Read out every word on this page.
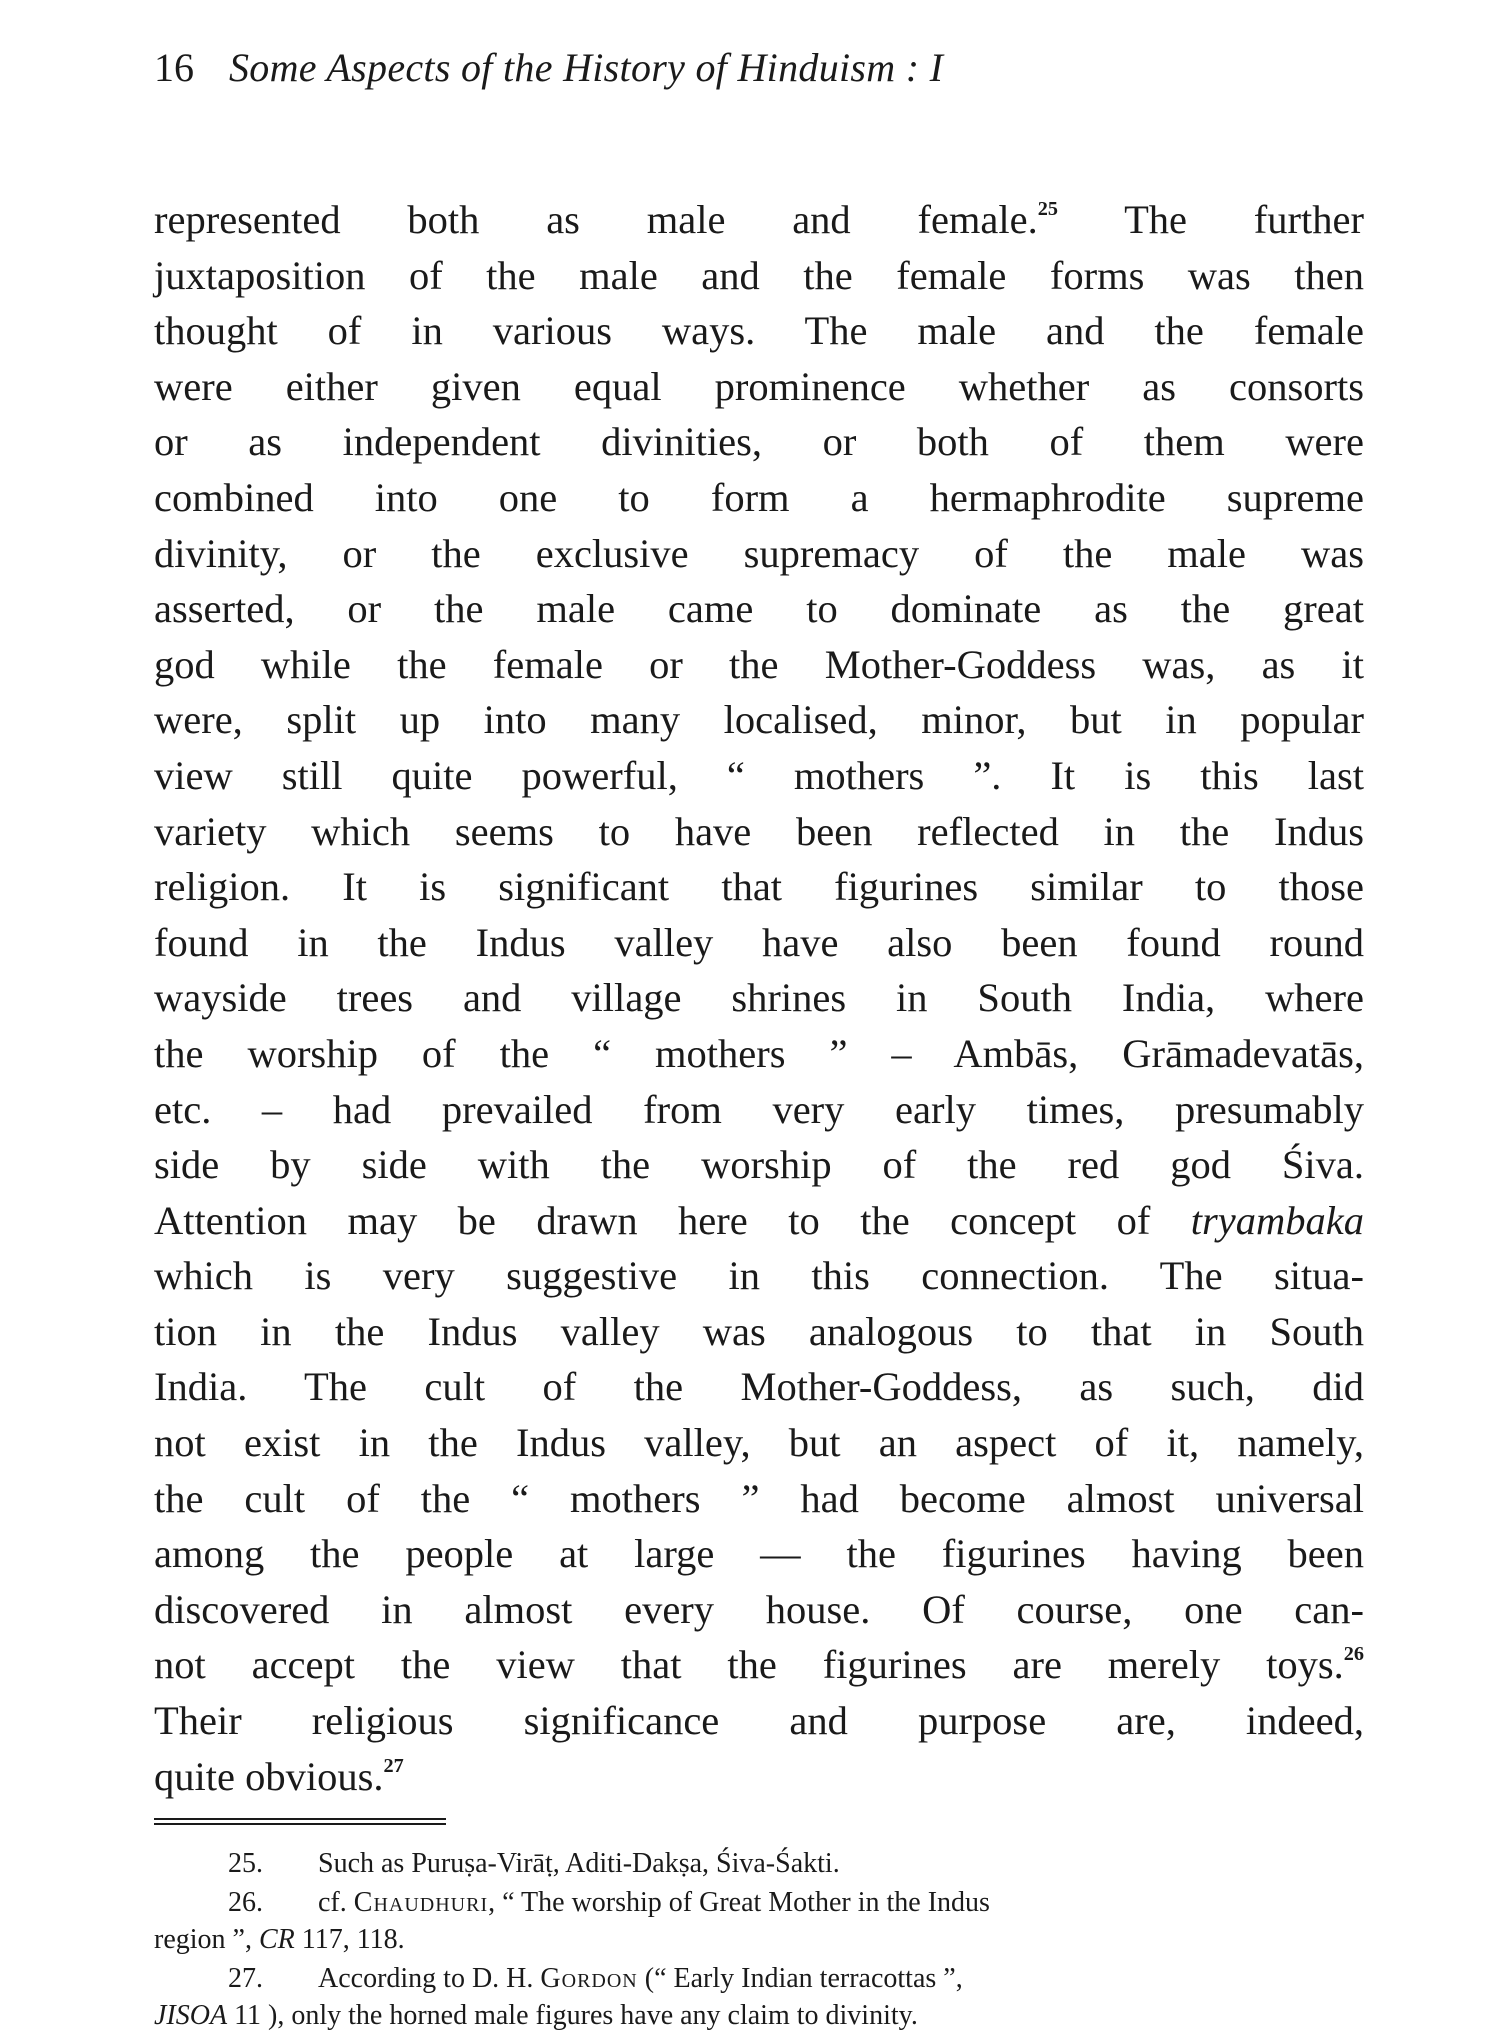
16 Some Aspects of the History of Hinduism : I
represented both as male and female.$^{25}$ The further
juxtaposition of the male and the female forms was then
thought of in various ways. The male and the female
were either given equal prominence whether as consorts
or as independent divinities, or both of them were
combined into one to form a hermaphrodite supreme
divinity, or the exclusive supremacy of the male was
asserted, or the male came to dominate as the great
god while the female or the Mother-Goddess was, as it
were, split up into many localised, minor, but in popular
view still quite powerful, “ mothers ”. It is this last
variety which seems to have been reflected in the Indus
religion. It is significant that figurines similar to those
found in the Indus valley have also been found round
wayside trees and village shrines in South India, where
the worship of the “ mothers ” – Ambās, Grāmadevatās,
etc. – had prevailed from very early times, presumably
side by side with the worship of the red god Śiva.
Attention may be drawn here to the concept of tryambaka
which is very suggestive in this connection. The situa-
tion in the Indus valley was analogous to that in South
India. The cult of the Mother-Goddess, as such, did
not exist in the Indus valley, but an aspect of it, namely,
the cult of the “ mothers ” had become almost universal
among the people at large — the figurines having been
discovered in almost every house. Of course, one can-
not accept the view that the figurines are merely toys.$^{26}$
Their religious significance and purpose are, indeed,
quite obvious.$^{27}$
25. Such as Puruṣa-Virāṭ, Aditi-Dakṣa, Śiva-Śakti.
26. cf. Chaudhuri, “ The worship of Great Mother in the Indus
region ”, CR 117, 118.
27. According to D. H. Gordon (“ Early Indian terracottas ”,
JISOA 11 ), only the horned male figures have any claim to divinity.
